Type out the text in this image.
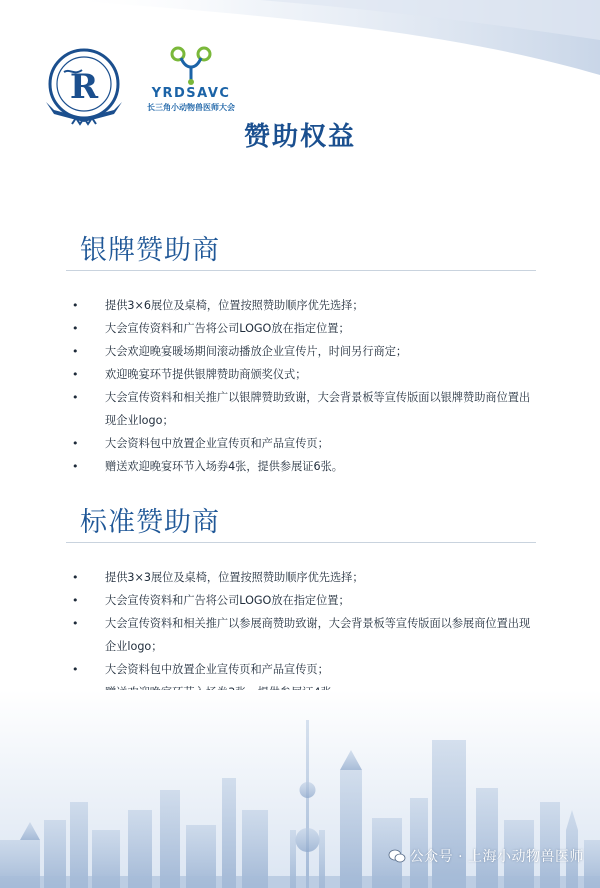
R	YRDSAVC
长三角小动物兽医师大会
赞助权益
银牌赞助商
•	提供3×6展位及桌椅，位置按照赞助顺序优先选择；
•	大会宣传资料和广告将公司LOGO放在指定位置；
•	大会欢迎晚宴暖场期间滚动播放企业宣传片，时间另行商定；
•	欢迎晚宴环节提供银牌赞助商颁奖仪式；
•	大会宣传资料和相关推广以银牌赞助致谢，大会背景板等宣传版面以银牌赞助商位置出现企业logo；
•	大会资料包中放置企业宣传页和产品宣传页；
•	赠送欢迎晚宴环节入场券4张，提供参展证6张。
标准赞助商
•	提供3×3展位及桌椅，位置按照赞助顺序优先选择；
•	大会宣传资料和广告将公司LOGO放在指定位置；
•	大会宣传资料和相关推广以参展商赞助致谢，大会背景板等宣传版面以参展商位置出现企业logo；
•	大会资料包中放置企业宣传页和产品宣传页；
公众号 · 上海小动物兽医师
